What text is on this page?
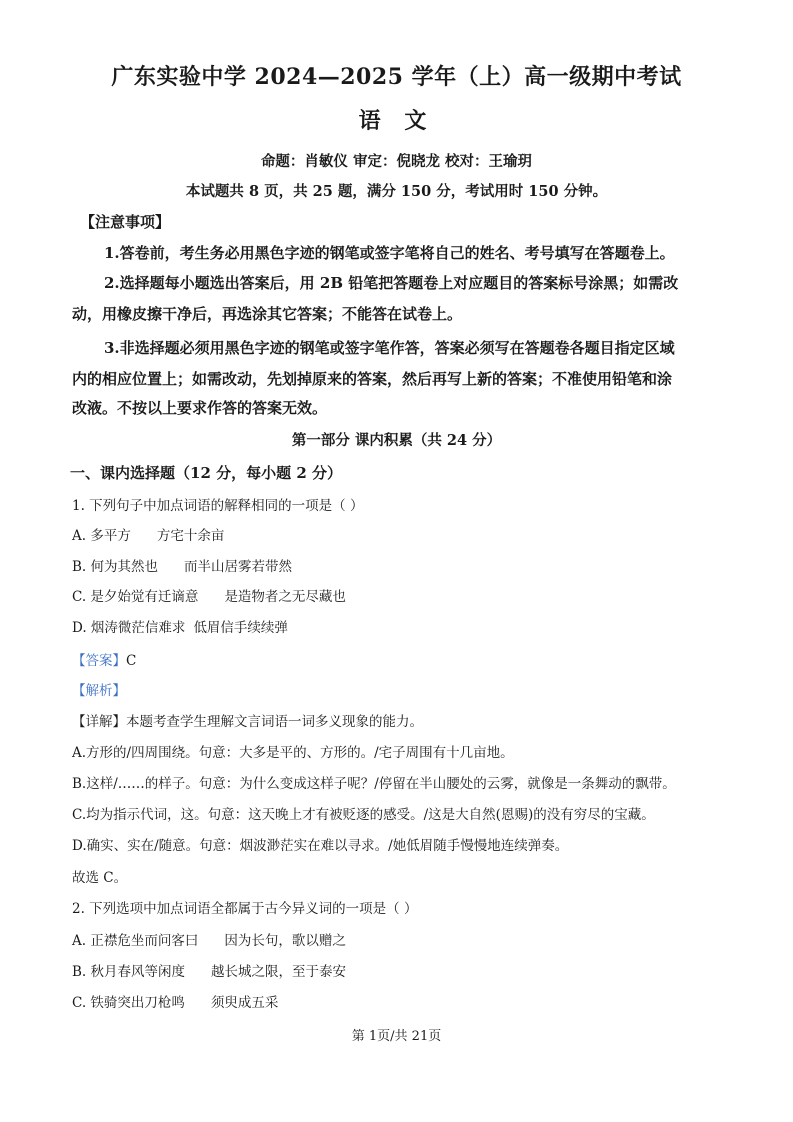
广东实验中学 2024—2025 学年（上）高一级期中考试
语 文
命题：肖敏仪 审定：倪晓龙 校对：王瑜玥
本试题共 8 页，共 25 题，满分 150 分，考试用时 150 分钟。
【注意事项】
1.答卷前，考生务必用黑色字迹的钢笔或签字笔将自己的姓名、考号填写在答题卷上。
2.选择题每小题选出答案后，用 2B 铅笔把答题卷上对应题目的答案标号涂黑；如需改
动，用橡皮擦干净后，再选涂其它答案；不能答在试卷上。
3.非选择题必须用黑色字迹的钢笔或签字笔作答，答案必须写在答题卷各题目指定区域
内的相应位置上；如需改动，先划掉原来的答案，然后再写上新的答案；不准使用铅笔和涂
改液。不按以上要求作答的答案无效。
第一部分 课内积累（共 24 分）
一、课内选择题（12 分，每小题 2 分）
1. 下列句子中加点词语的解释相同的一项是（ ）
A. 多平方 方宅十余亩
B. 何为其然也 而半山居雾若带然
C. 是夕始觉有迁谪意 是造物者之无尽藏也
D. 烟涛微茫信难求 低眉信手续续弹
【答案】C
【解析】
【详解】本题考查学生理解文言词语一词多义现象的能力。
A.方形的/四周围绕。句意：大多是平的、方形的。/宅子周围有十几亩地。
B.这样/……的样子。句意：为什么变成这样子呢？/停留在半山腰处的云雾，就像是一条舞动的飘带。
C.均为指示代词，这。句意：这天晚上才有被贬逐的感受。/这是大自然(恩赐)的没有穷尽的宝藏。
D.确实、实在/随意。句意：烟波渺茫实在难以寻求。/她低眉随手慢慢地连续弹奏。
故选 C。
2. 下列选项中加点词语全都属于古今异义词的一项是（ ）
A. 正襟危坐而问客曰 因为长句，歌以赠之
B. 秋月春风等闲度 越长城之限，至于泰安
C. 铁骑突出刀枪鸣 须臾成五采
第 1页/共 21页
